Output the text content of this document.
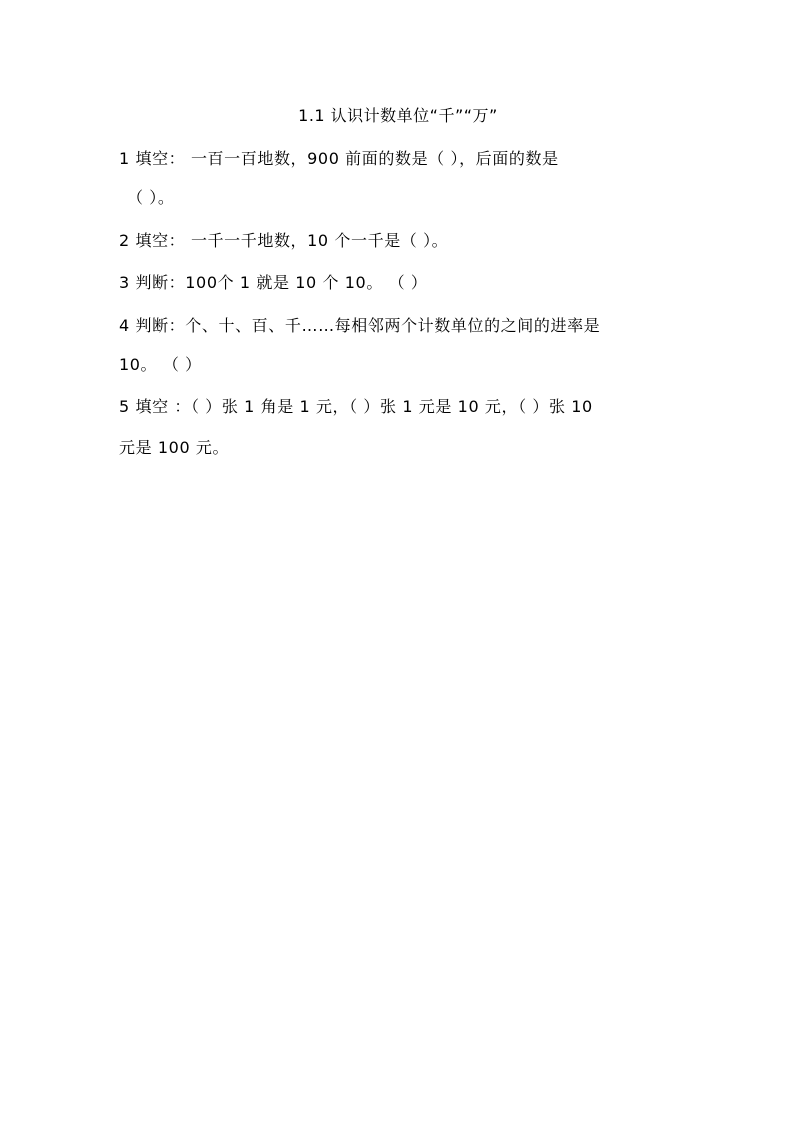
1.1 认识计数单位“千”“万”
1 填空： 一百一百地数，900 前面的数是（ ），后面的数是
（ ）。
2 填空： 一千一千地数，10 个一千是（ ）。
3 判断：100个 1 就是 10 个 10。 （ ）
4 判断：个、十、百、千……每相邻两个计数单位的之间的进率是
10。 （ ）
5 填空 ：（ ）张 1 角是 1 元，（ ）张 1 元是 10 元，（ ）张 10
元是 100 元。
